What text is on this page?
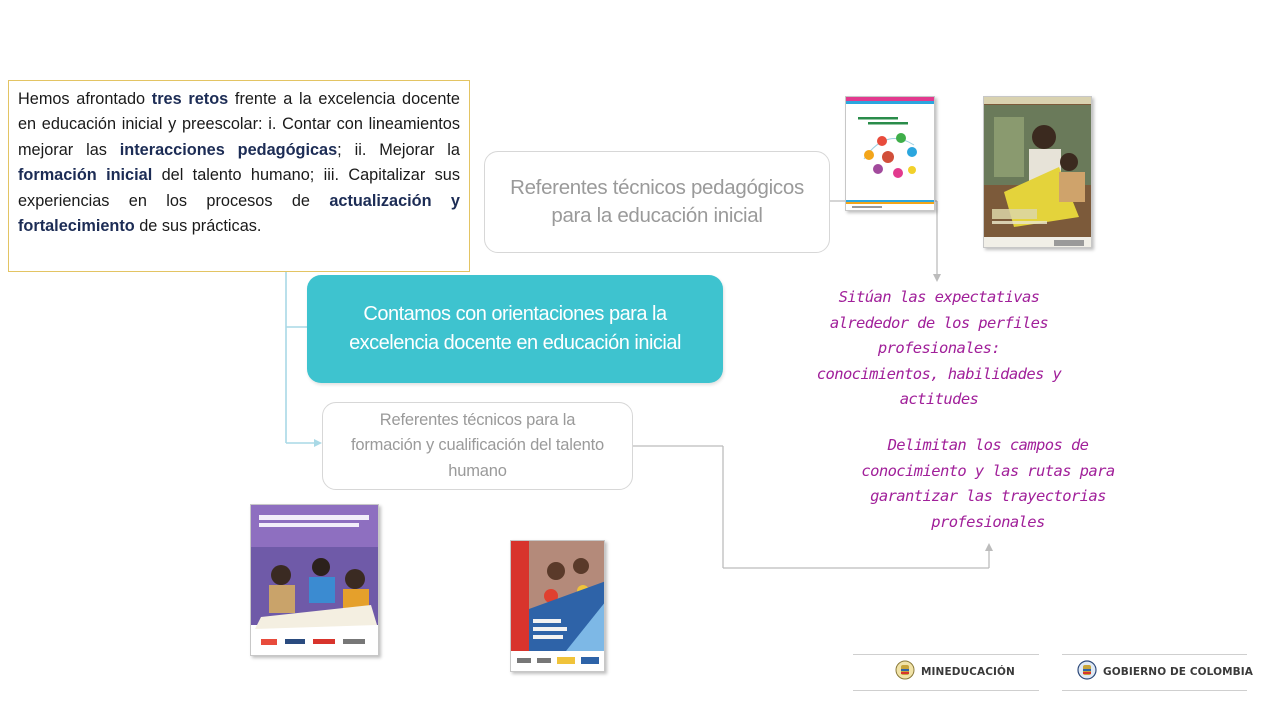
Hemos afrontado tres retos frente a la excelencia docente en educación inicial y preescolar: i. Contar con lineamientos mejorar las interacciones pedagógicas; ii. Mejorar la formación inicial del talento humano; iii. Capitalizar sus experiencias en los procesos de actualización y fortalecimiento de sus prácticas.
Referentes técnicos pedagógicos para la educación inicial
Contamos con orientaciones para la excelencia docente en educación inicial
Referentes técnicos para la formación y cualificación del talento humano
Sitúan las expectativas
alrededor de los perfiles
profesionales:
conocimientos, habilidades y
actitudes
Delimitan los campos de
conocimiento y las rutas para
garantizar las trayectorias
profesionales
MINEDUCACIÓN	GOBIERNO DE COLOMBIA
